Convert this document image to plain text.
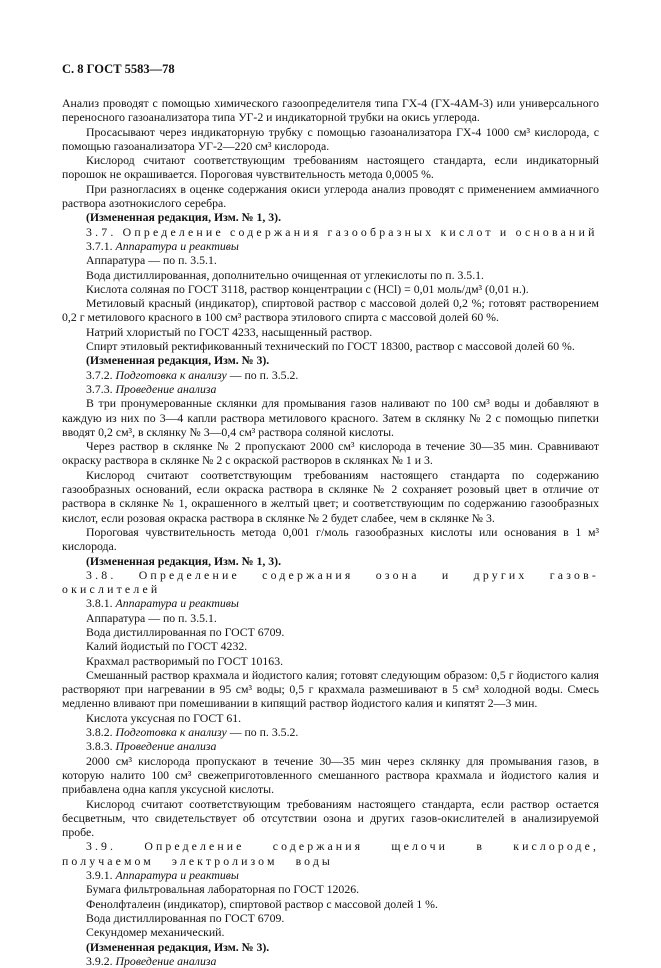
С. 8 ГОСТ 5583—78

Анализ проводят с помощью химического газоопределителя типа ГХ-4 (ГХ-4АМ-3) или универсального переносного газоанализатора типа УГ-2 и индикаторной трубки на окись углерода.

Просасывают через индикаторную трубку с помощью газоанализатора ГХ-4 1000 см³ кислорода, с помощью газоанализатора УГ-2—220 см³ кислорода.

Кислород считают соответствующим требованиям настоящего стандарта, если индикаторный порошок не окрашивается. Пороговая чувствительность метода 0,0005 %.

При разногласиях в оценке содержания окиси углерода анализ проводят с применением аммиачного раствора азотнокислого серебра.

(Измененная редакция, Изм. № 1, 3).

3.7. Определение содержания газообразных кислот и оснований

3.7.1. Аппаратура и реактивы

Аппаратура — по п. 3.5.1.

Вода дистиллированная, дополнительно очищенная от углекислоты по п. 3.5.1.

Кислота соляная по ГОСТ 3118, раствор концентрации c (HCl) = 0,01 моль/дм³ (0,01 н.).

Метиловый красный (индикатор), спиртовой раствор с массовой долей 0,2 %; готовят растворением 0,2 г метилового красного в 100 см³ раствора этилового спирта с массовой долей 60 %.

Натрий хлористый по ГОСТ 4233, насыщенный раствор.

Спирт этиловый ректификованный технический по ГОСТ 18300, раствор с массовой долей 60 %.

(Измененная редакция, Изм. № 3).

3.7.2. Подготовка к анализу — по п. 3.5.2.

3.7.3. Проведение анализа

В три пронумерованные склянки для промывания газов наливают по 100 см³ воды и добавляют в каждую из них по 3—4 капли раствора метилового красного. Затем в склянку № 2 с помощью пипетки вводят 0,2 см³, в склянку № 3—0,4 см³ раствора соляной кислоты.

Через раствор в склянке № 2 пропускают 2000 см³ кислорода в течение 30—35 мин. Сравнивают окраску раствора в склянке № 2 с окраской растворов в склянках № 1 и 3.

Кислород считают соответствующим требованиям настоящего стандарта по содержанию газообразных оснований, если окраска раствора в склянке № 2 сохраняет розовый цвет в отличие от раствора в склянке № 1, окрашенного в желтый цвет; и соответствующим по содержанию газообразных кислот, если розовая окраска раствора в склянке № 2 будет слабее, чем в склянке № 3.

Пороговая чувствительность метода 0,001 г/моль газообразных кислоты или основания в 1 м³ кислорода.

(Измененная редакция, Изм. № 1, 3).

3.8. Определение содержания озона и других газов-окислителей

3.8.1. Аппаратура и реактивы

Аппаратура — по п. 3.5.1.

Вода дистиллированная по ГОСТ 6709.

Калий йодистый по ГОСТ 4232.

Крахмал растворимый по ГОСТ 10163.

Смешанный раствор крахмала и йодистого калия; готовят следующим образом: 0,5 г йодистого калия растворяют при нагревании в 95 см³ воды; 0,5 г крахмала размешивают в 5 см³ холодной воды. Смесь медленно вливают при помешивании в кипящий раствор йодистого калия и кипятят 2—3 мин.

Кислота уксусная по ГОСТ 61.

3.8.2. Подготовка к анализу — по п. 3.5.2.

3.8.3. Проведение анализа

2000 см³ кислорода пропускают в течение 30—35 мин через склянку для промывания газов, в которую налито 100 см³ свежеприготовленного смешанного раствора крахмала и йодистого калия и прибавлена одна капля уксусной кислоты.

Кислород считают соответствующим требованиям настоящего стандарта, если раствор остается бесцветным, что свидетельствует об отсутствии озона и других газов-окислителей в анализируемой пробе.

3.9. Определение содержания щелочи в кислороде, получаемом электролизом воды

3.9.1. Аппаратура и реактивы

Бумага фильтровальная лабораторная по ГОСТ 12026.

Фенолфталеин (индикатор), спиртовой раствор с массовой долей 1 %.

Вода дистиллированная по ГОСТ 6709.

Секундомер механический.

(Измененная редакция, Изм. № 3).

3.9.2. Проведение анализа
